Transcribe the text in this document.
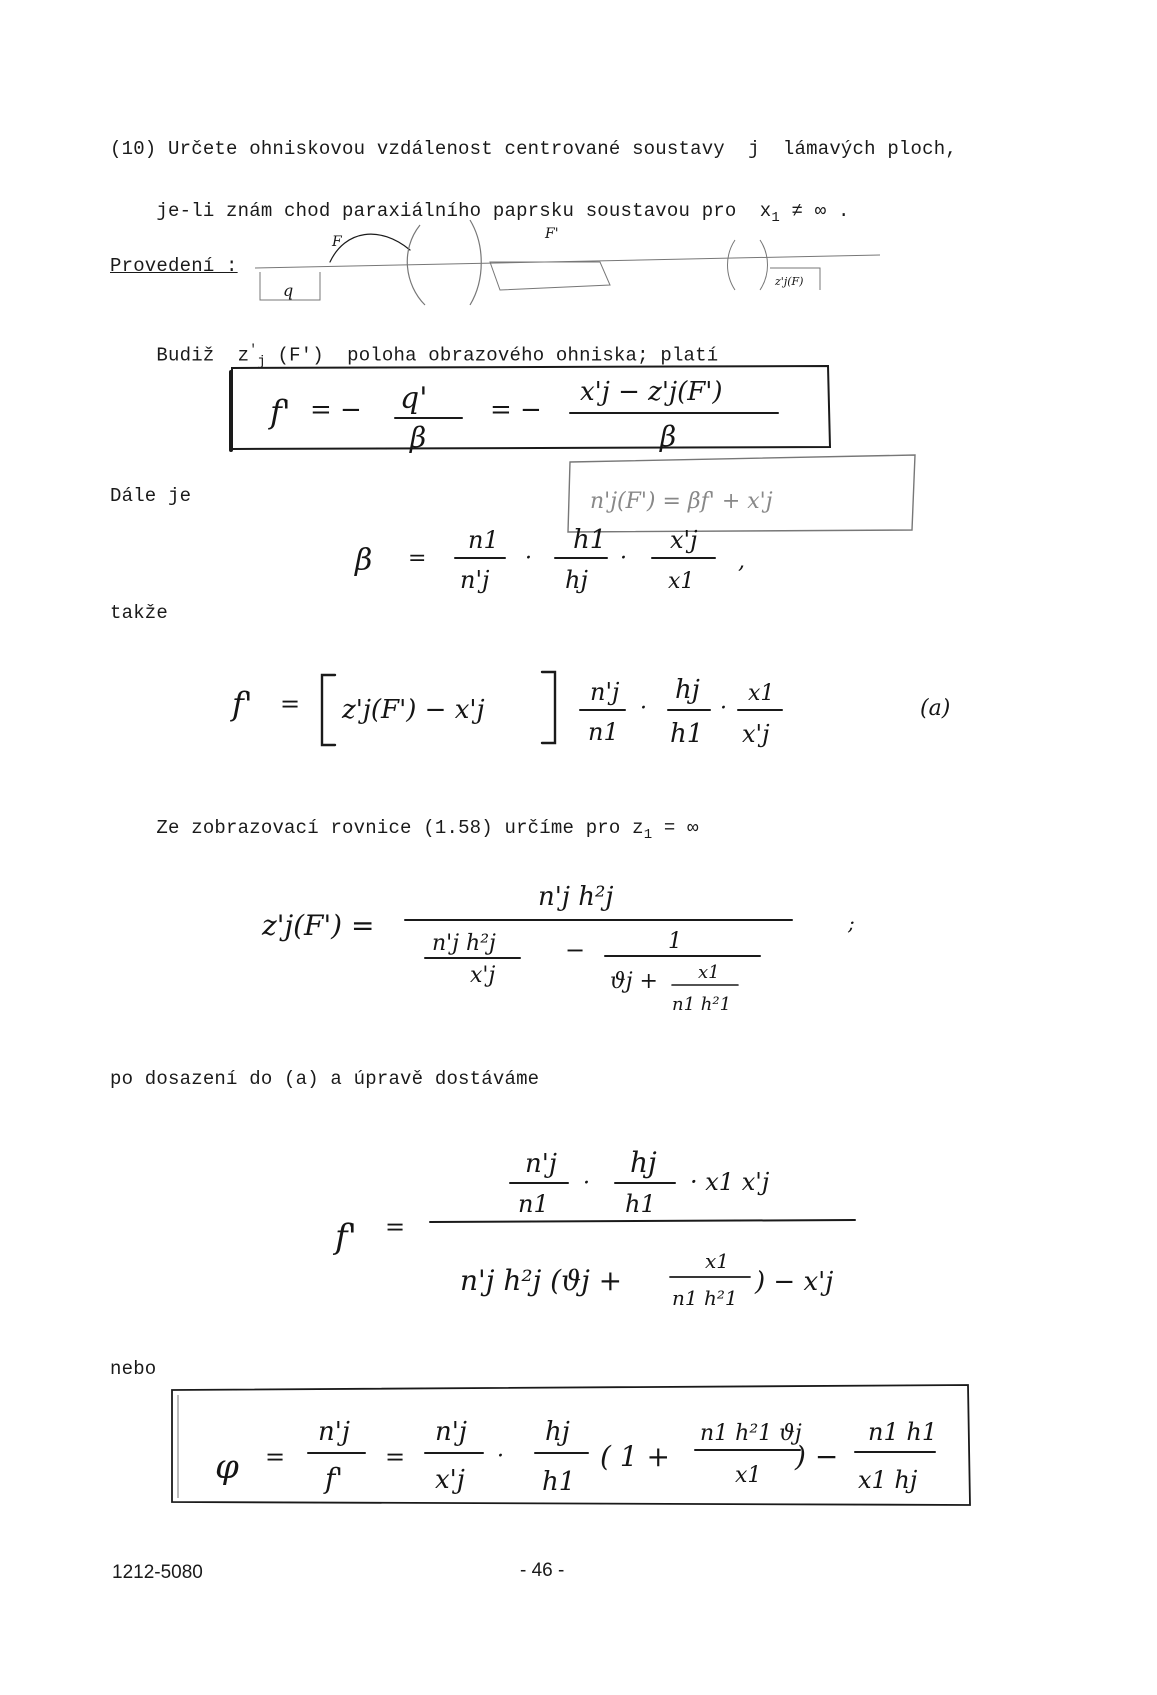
(10) Určete ohniskovou vzdálenost centrované soustavy  j  lámavých ploch,

je-li znám chod paraxiálního paprsku soustavou pro  $x_1$ ≠ ∞ .

Provedení :

Budiž  $z'_j$ (F')  poloha obrazového ohniska; platí

Dále je
takže

Ze zobrazovací rovnice (1.58) určíme pro $z_1$ = ∞

po dosazení do (a) a úpravě dostáváme
nebo
1212-5080	- 46 -
F	F'
q	z'j(F)
f' = − q'
β
= −
x'j − z'j(F')
β
n'j(F') = βf' + x'j
β =
n1
n'j
·
h1
hj
·
x'j
x1
,
f' = z'j(F') − x'j
n'j
n1
·
hj
h1
·
x1
x'j
(a)
z'j(F') =
n'j h²j
n'j h²j
x'j
−	1
ϑj + x1
n1 h²1
;
f' =
n'j
n1
·
hj
h1
· x1 x'j
n'j h²j (ϑj +
x1
n1 h²1
) − x'j
φ =
n'j
f'
=
n'j
x'j
·
hj
h1
( 1 +
n1 h²1 ϑj
x1
) −
n1 h1
x1 hj
